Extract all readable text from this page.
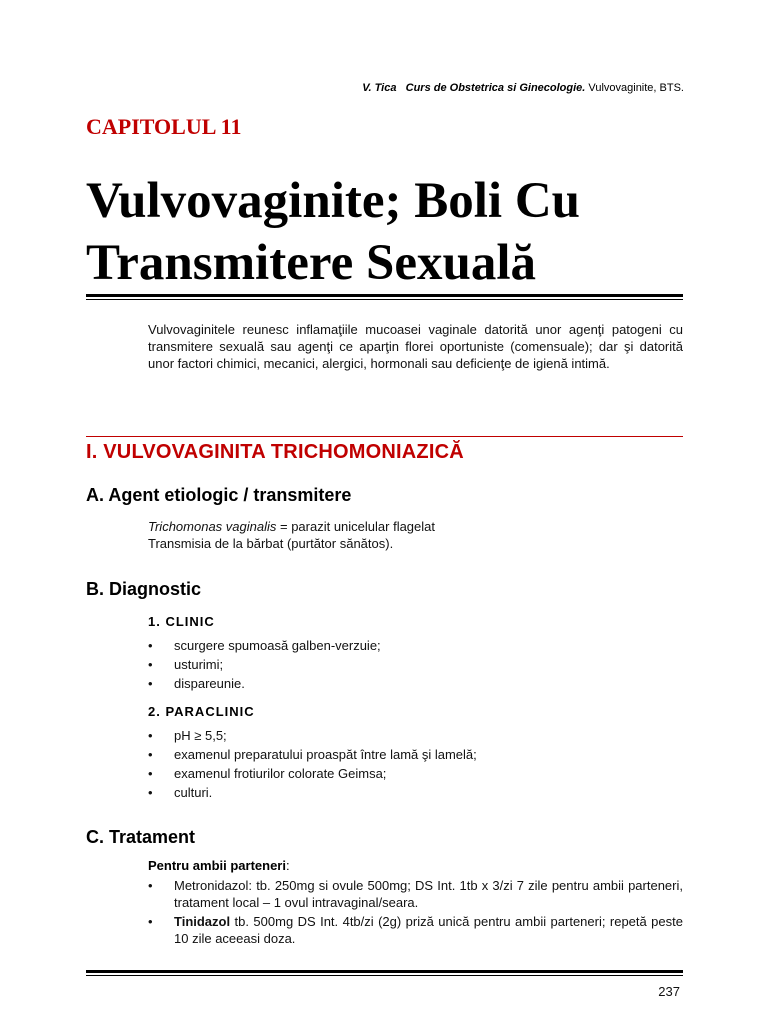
V. Tica Curs de Obstetrica si Ginecologie. Vulvovaginite, BTS.
CAPITOLUL 11
Vulvovaginite; Boli Cu
Transmitere Sexuală

Vulvovaginitele reunesc inflamaţiile mucoasei vaginale datorită unor agenţi patogeni cu transmitere sexuală sau agenţi ce aparţin florei oportuniste (comensuale); dar şi datorită unor factori chimici, mecanici, alergici, hormonali sau deficienţe de igienă intimă.

I. VULVOVAGINITA TRICHOMONIAZICĂ
A. Agent etiologic / transmitere

Trichomonas vaginalis = parazit unicelular flagelat

Transmisia de la bărbat (purtător sănătos).

B. Diagnostic
1. CLINIC
• scurgere spumoasă galben-verzuie;
• usturimi;
• dispareunie.
2. PARACLINIC
• pH ≥ 5,5;
• examenul preparatului proaspăt între lamă şi lamelă;
• examenul frotiurilor colorate Geimsa;
• culturi.
C. Tratament

Pentru ambii parteneri:

• Metronidazol: tb. 250mg si ovule 500mg; DS Int. 1tb x 3/zi 7 zile pentru ambii parteneri, tratament local – 1 ovul intravaginal/seara.
• Tinidazol tb. 500mg DS Int. 4tb/zi (2g) priză unică pentru ambii parteneri; repetă peste 10 zile aceeasi doza.
237
